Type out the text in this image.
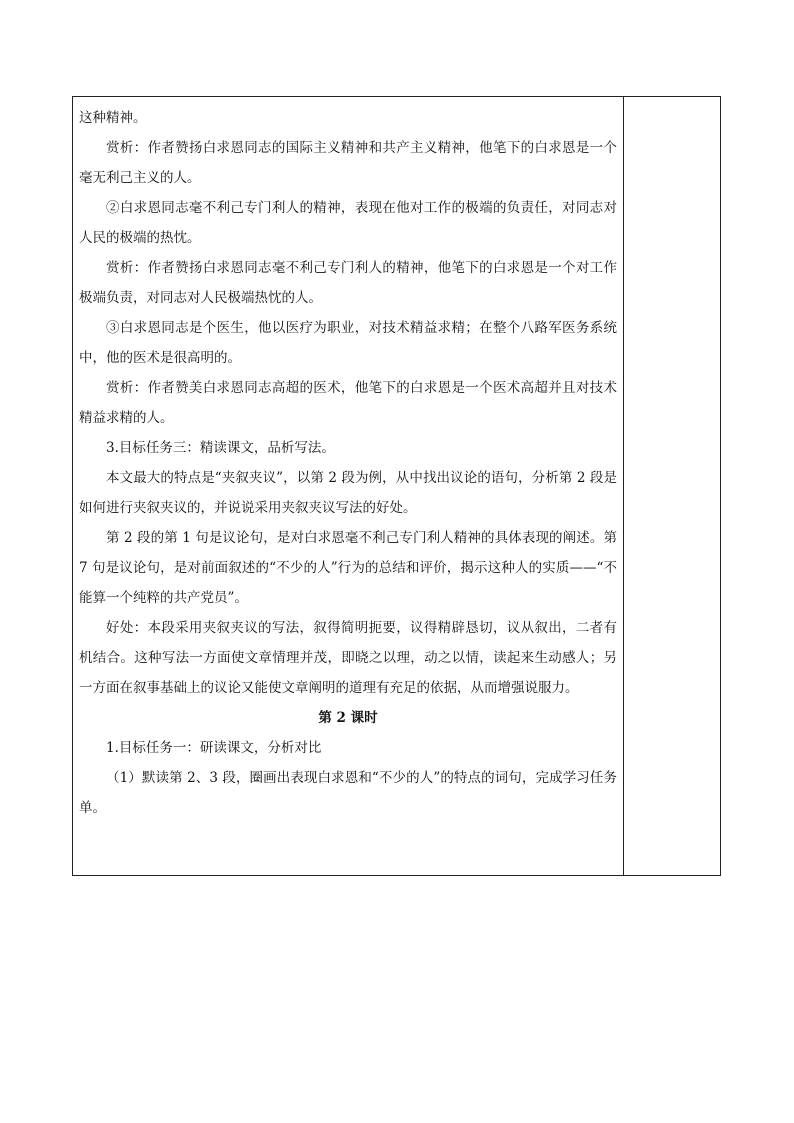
这种精神。

赏析：作者赞扬白求恩同志的国际主义精神和共产主义精神，他笔下的白求恩是一个毫无利己主义的人。

②白求恩同志毫不利己专门利人的精神，表现在他对工作的极端的负责任，对同志对人民的极端的热忱。

赏析：作者赞扬白求恩同志毫不利己专门利人的精神，他笔下的白求恩是一个对工作极端负责，对同志对人民极端热忱的人。

③白求恩同志是个医生，他以医疗为职业，对技术精益求精；在整个八路军医务系统中，他的医术是很高明的。

赏析：作者赞美白求恩同志高超的医术，他笔下的白求恩是一个医术高超并且对技术精益求精的人。

3.目标任务三：精读课文，品析写法。

本文最大的特点是“夹叙夹议”，以第 2 段为例，从中找出议论的语句，分析第 2 段是如何进行夹叙夹议的，并说说采用夹叙夹议写法的好处。

第 2 段的第 1 句是议论句，是对白求恩毫不利己专门利人精神的具体表现的阐述。第 7 句是议论句，是对前面叙述的“不少的人”行为的总结和评价，揭示这种人的实质——“不能算一个纯粹的共产党员”。

好处：本段采用夹叙夹议的写法，叙得简明扼要，议得精辟恳切，议从叙出，二者有机结合。这种写法一方面使文章情理并茂，即晓之以理，动之以情，读起来生动感人；另一方面在叙事基础上的议论又能使文章阐明的道理有充足的依据，从而增强说服力。

第 2 课时

1.目标任务一：研读课文，分析对比

（1）默读第 2、3 段，圈画出表现白求恩和“不少的人”的特点的词句，完成学习任务单。
